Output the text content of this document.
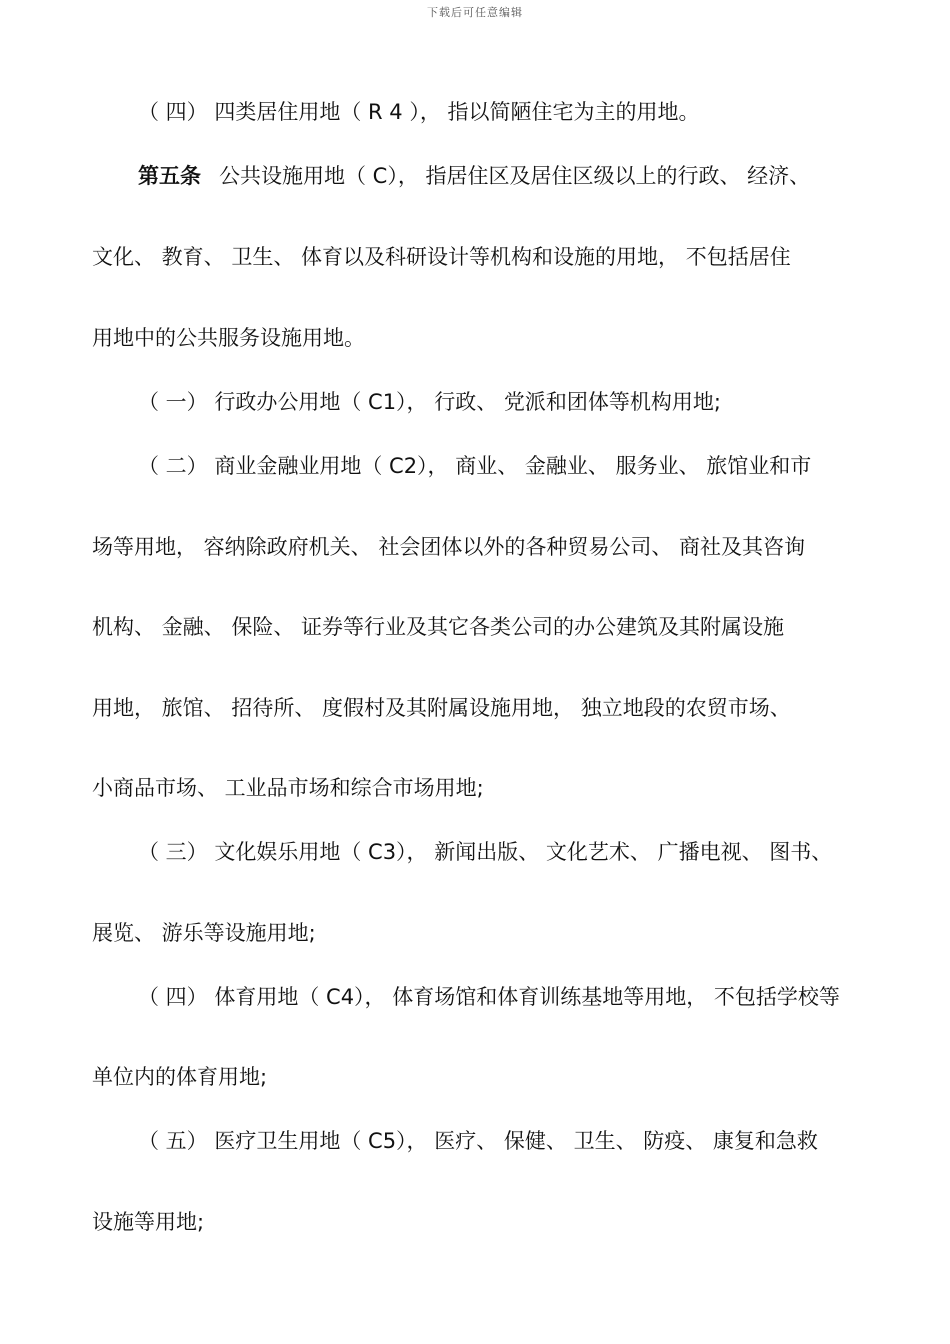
下载后可任意编辑
（ 四） 四类居住用地（ R 4 ）， 指以简陋住宅为主的用地。
第五条 公共设施用地（ C）， 指居住区及居住区级以上的行政、 经济、
文化、 教育、 卫生、 体育以及科研设计等机构和设施的用地， 不包括居住
用地中的公共服务设施用地。
（ 一） 行政办公用地（ C1）， 行政、 党派和团体等机构用地;
（ 二） 商业金融业用地（ C2）， 商业、 金融业、 服务业、 旅馆业和市
场等用地， 容纳除政府机关、 社会团体以外的各种贸易公司、 商社及其咨询
机构、 金融、 保险、 证券等行业及其它各类公司的办公建筑及其附属设施
用地， 旅馆、 招待所、 度假村及其附属设施用地， 独立地段的农贸市场、
小商品市场、 工业品市场和综合市场用地;
（ 三） 文化娱乐用地（ C3）， 新闻出版、 文化艺术、 广播电视、 图书、
展览、 游乐等设施用地;
（ 四） 体育用地（ C4）， 体育场馆和体育训练基地等用地， 不包括学校等
单位内的体育用地;
（ 五） 医疗卫生用地（ C5）， 医疗、 保健、 卫生、 防疫、 康复和急救
设施等用地;
